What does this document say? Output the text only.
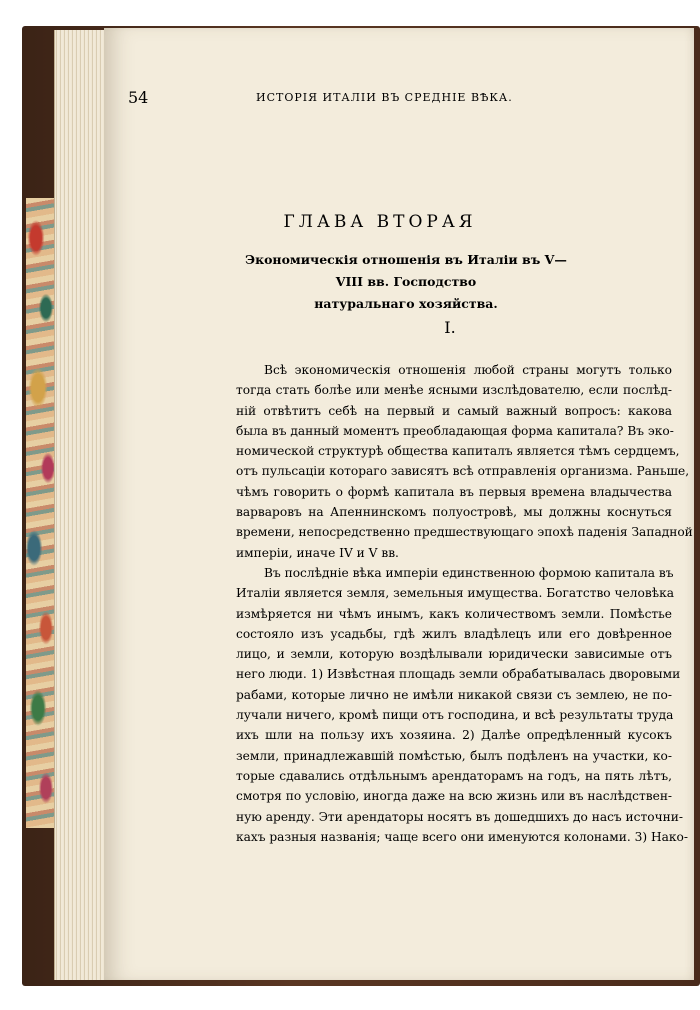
54	ИСТОРІЯ ИТАЛІИ ВЪ СРЕДНІЕ ВѢКА.
ГЛАВА ВТОРАЯ
Экономическія отношенія въ Италіи въ V—VIII вв. Господство
натуральнаго хозяйства.
I.
Всѣ экономическія отношенія любой страны могутъ только
тогда стать болѣе или менѣе ясными изслѣдователю, если послѣд-
ній отвѣтитъ себѣ на первый и самый важный вопросъ: какова
была въ данный моментъ преобладающая форма капитала? Въ эко-
номической структурѣ общества капиталъ является тѣмъ сердцемъ,
отъ пульсаціи котораго зависятъ всѣ отправленія организма. Раньше,
чѣмъ говорить о формѣ капитала въ первыя времена владычества
варваровъ на Апеннинскомъ полуостровѣ, мы должны коснуться
времени, непосредственно предшествующаго эпохѣ паденія Западной
имперіи, иначе IV и V вв.
Въ послѣдніе вѣка имперіи единственною формою капитала въ
Италіи является земля, земельныя имущества. Богатство человѣка
измѣряется ни чѣмъ инымъ, какъ количествомъ земли. Помѣстье
состояло изъ усадьбы, гдѣ жилъ владѣлецъ или его довѣренное
лицо, и земли, которую воздѣлывали юридически зависимые отъ
него люди. 1) Извѣстная площадь земли обрабатывалась дворовыми
рабами, которые лично не имѣли никакой связи съ землею, не по-
лучали ничего, кромѣ пищи отъ господина, и всѣ результаты труда
ихъ шли на пользу ихъ хозяина. 2) Далѣе опредѣленный кусокъ
земли, принадлежавшій помѣстью, былъ подѣленъ на участки, ко-
торые сдавались отдѣльнымъ арендаторамъ на годъ, на пять лѣтъ,
смотря по условію, иногда даже на всю жизнь или въ наслѣдствен-
ную аренду. Эти арендаторы носятъ въ дошедшихъ до насъ источни-
кахъ разныя названія; чаще всего они именуются колонами. 3) Нако-
